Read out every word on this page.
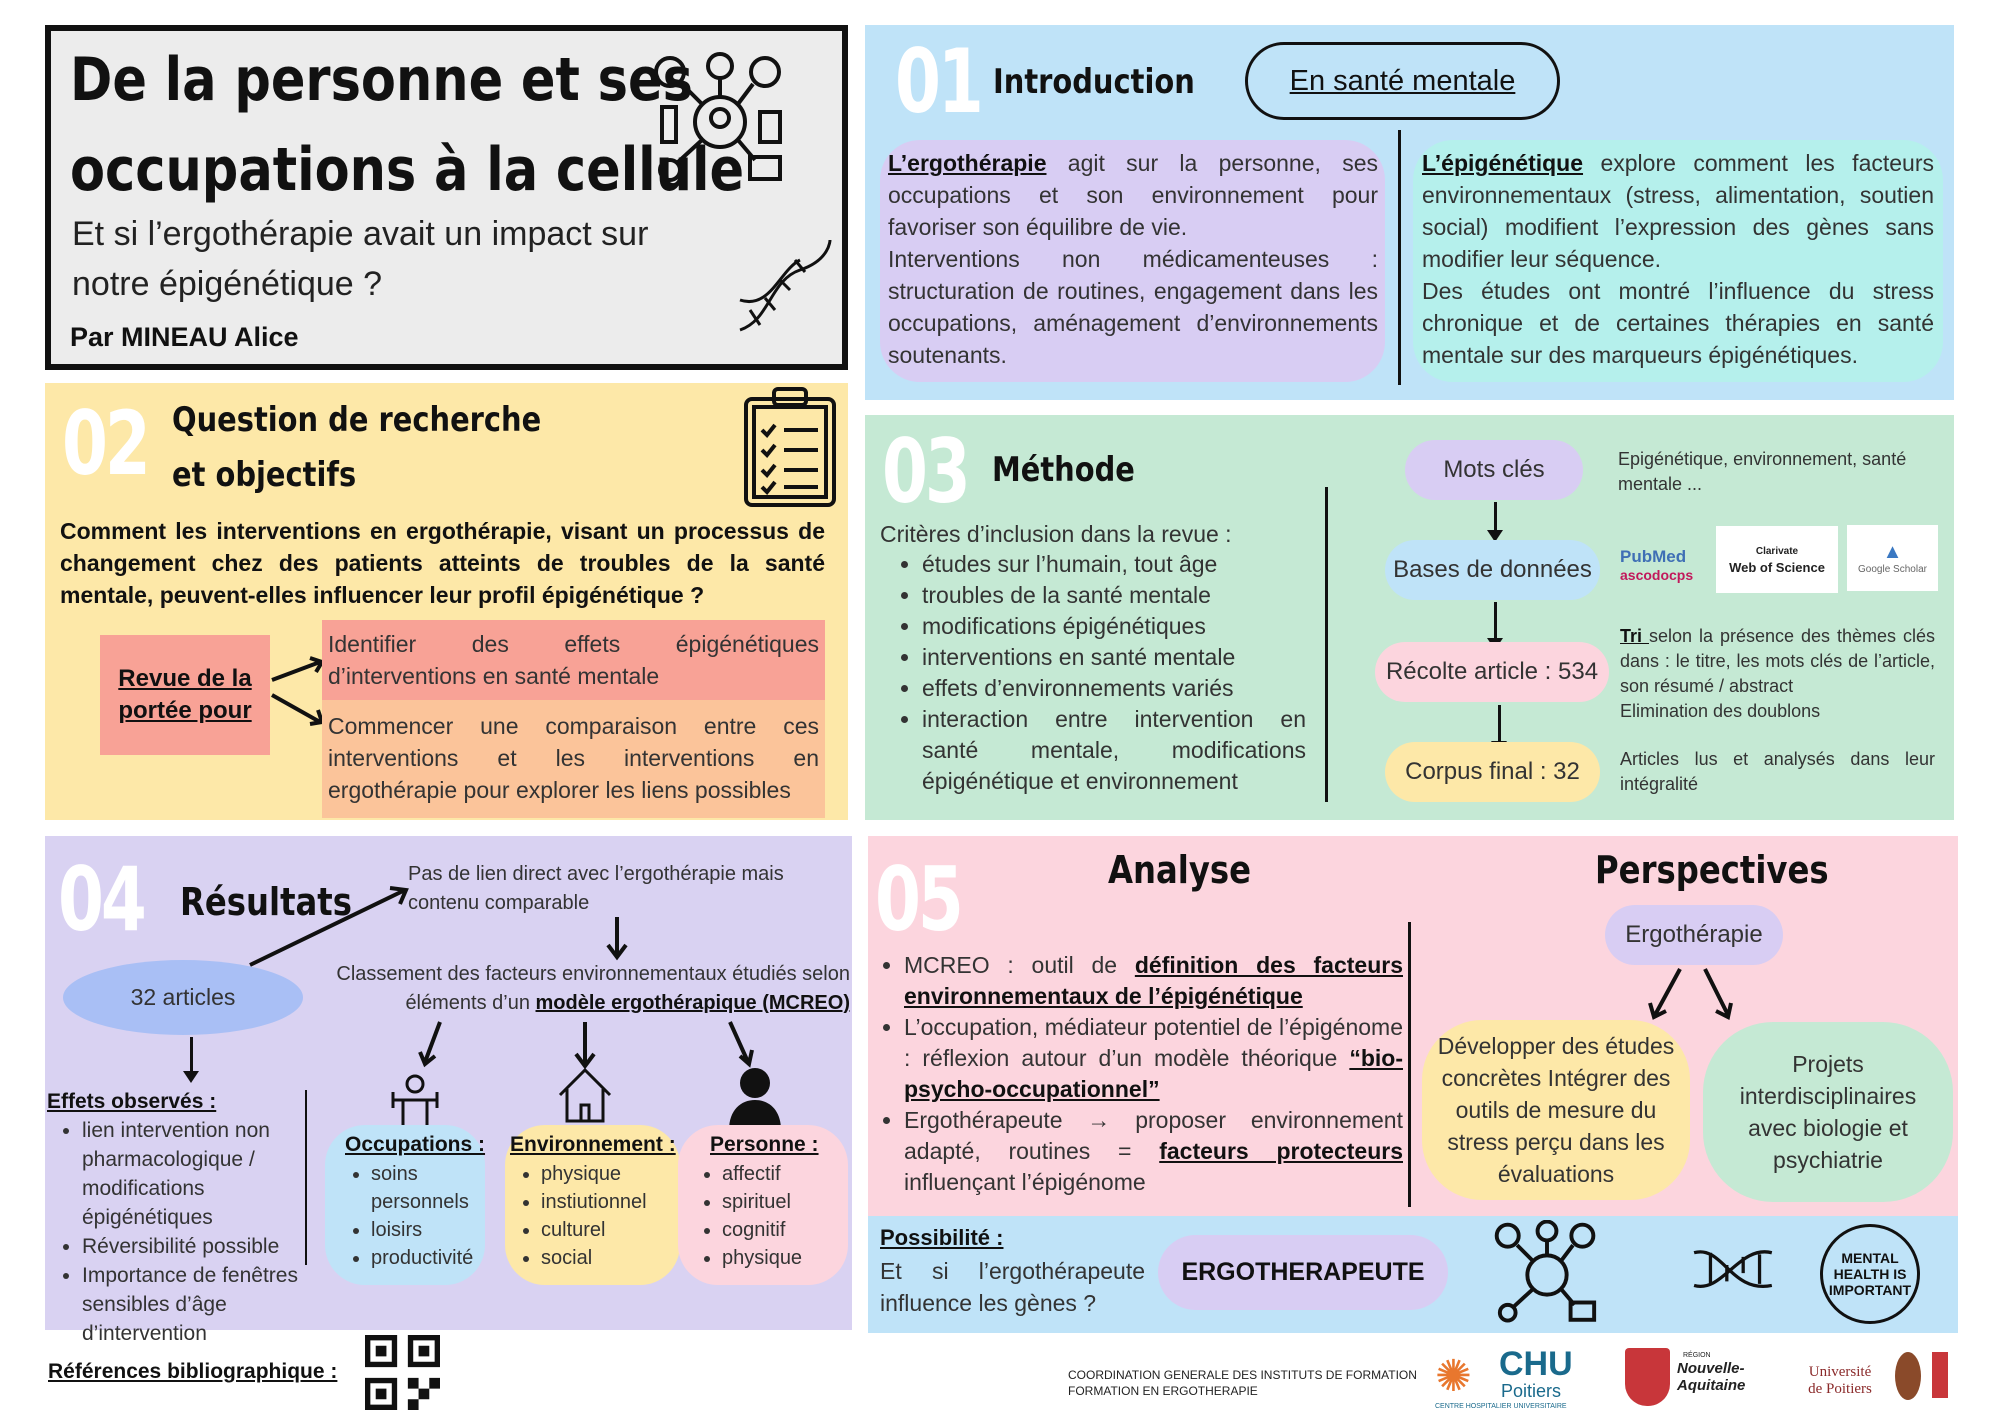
De la personne et ses
occupations à la cellule
Et si l’ergothérapie avait un impact sur
notre épigénétique ?
Par MINEAU Alice
01 Introduction	En santé mentale
L’ergothérapie agit sur la personne, ses occupations et son environnement pour favoriser son équilibre de vie.
Interventions non médicamenteuses : structuration de routines, engagement dans les occupations, aménagement d’environnements soutenants.
L’épigénétique explore comment les facteurs environnementaux (stress, alimentation, soutien social) modifient l’expression des gènes sans modifier leur séquence.
Des études ont montré l’influence du stress chronique et de certaines thérapies en santé mentale sur des marqueurs épigénétiques.
02 Question de recherche
et objectifs
Comment les interventions en ergothérapie, visant un processus de changement chez des patients atteints de troubles de la santé mentale, peuvent-elles influencer leur profil épigénétique ?
Revue de la portée pour
Identifier des effets épigénétiques d’interventions en santé mentale
Commencer une comparaison entre ces interventions et les interventions en ergothérapie pour explorer les liens possibles
03 Méthode
Critères d’inclusion dans la revue :
• études sur l’humain, tout âge
• troubles de la santé mentale
• modifications épigénétiques
• interventions en santé mentale
• effets d’environnements variés
• interaction entre intervention en santé mentale, modifications épigénétique et environnement
Mots clés
Bases de données
Récolte article : 534
Corpus final : 32
Epigénétique, environnement, santé mentale ...
PubMed
ascodocps
Clarivate
Web of Science
▲
Google Scholar
Tri selon la présence des thèmes clés dans : le titre, les mots clés de l’article, son résumé / abstract
Elimination des doublons
Articles lus et analysés dans leur intégralité
04 Résultats
Pas de lien direct avec l’ergothérapie mais contenu comparable
32 articles
Classement des facteurs environnementaux étudiés selon éléments d’un modèle ergothérapique (MCREO)
Effets observés :
• lien intervention non pharmacologique / modifications épigénétiques
• Réversibilité possible
• Importance de fenêtres sensibles d’âge d’intervention
Occupations :
• soins personnels
• loisirs
• productivité
Environnement :
• physique
• instiutionnel
• culturel
• social
Personne :
• affectif
• spirituel
• cognitif
• physique
05	Analyse
• MCREO : outil de définition des facteurs environnementaux de l’épigénétique
• L’occupation, médiateur potentiel de l’épigénome : réflexion autour d’un modèle théorique “bio-psycho-occupationnel”
• Ergothérapeute → proposer environnement adapté, routines = facteurs protecteurs influençant l’épigénome
Perspectives
Ergothérapie
Développer des études concrètes Intégrer des outils de mesure du stress perçu dans les évaluations
Projets interdisciplinaires avec biologie et psychiatrie
Possibilité :
Et si l’ergothérapeute influence les gènes ?
ERGOTHERAPEUTE	MENTAL HEALTH IS IMPORTANT
Références bibliographique :	COORDINATION GENERALE DES INSTITUTS DE FORMATION
FORMATION EN ERGOTHERAPIE	✺ CHU
Poitiers
CENTRE HOSPITALIER UNIVERSITAIRE
RÉGION
Nouvelle-Aquitaine
Université de Poitiers
